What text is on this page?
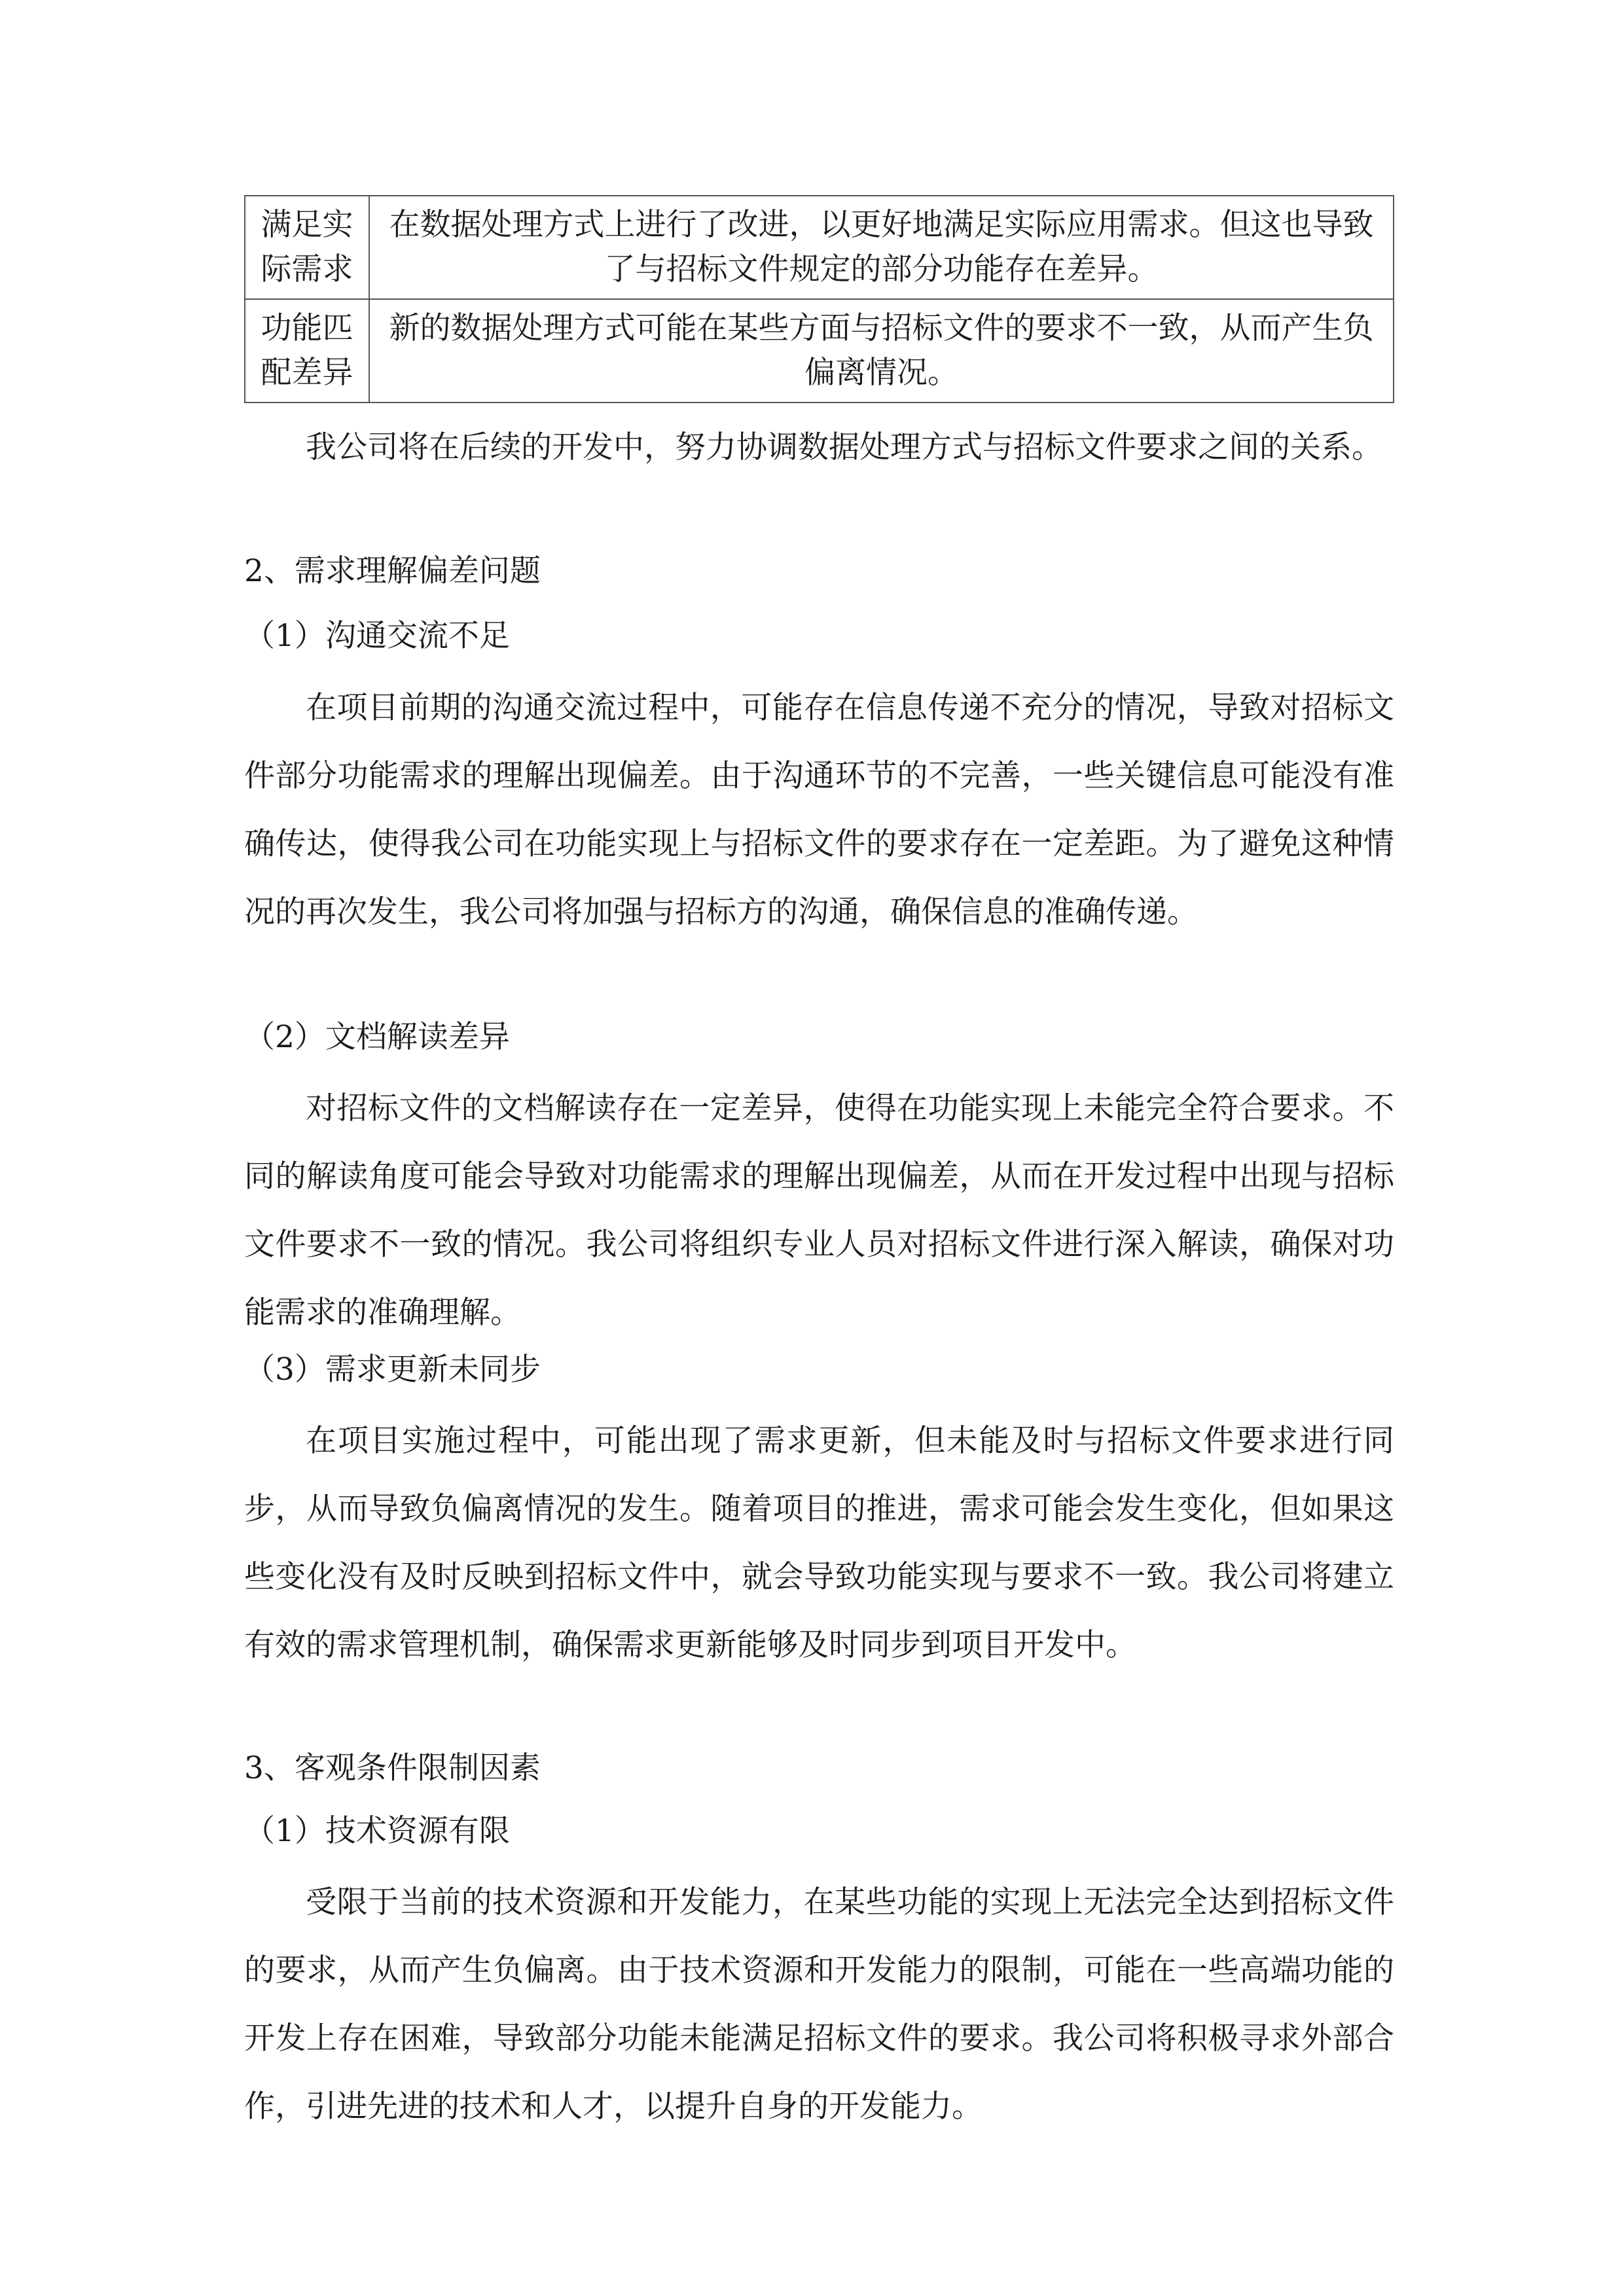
满足实际需求	在数据处理方式上进行了改进，以更好地满足实际应用需求。但这也导致了与招标文件规定的部分功能存在差异。
功能匹配差异	新的数据处理方式可能在某些方面与招标文件的要求不一致，从而产生负偏离情况。

我公司将在后续的开发中，努力协调数据处理方式与招标文件要求之间的关系。

2、需求理解偏差问题
（1）沟通交流不足

在项目前期的沟通交流过程中，可能存在信息传递不充分的情况，导致对招标文件部分功能需求的理解出现偏差。由于沟通环节的不完善，一些关键信息可能没有准确传达，使得我公司在功能实现上与招标文件的要求存在一定差距。为了避免这种情况的再次发生，我公司将加强与招标方的沟通，确保信息的准确传递。

（2）文档解读差异

对招标文件的文档解读存在一定差异，使得在功能实现上未能完全符合要求。不同的解读角度可能会导致对功能需求的理解出现偏差，从而在开发过程中出现与招标文件要求不一致的情况。我公司将组织专业人员对招标文件进行深入解读，确保对功能需求的准确理解。

（3）需求更新未同步

在项目实施过程中，可能出现了需求更新，但未能及时与招标文件要求进行同步，从而导致负偏离情况的发生。随着项目的推进，需求可能会发生变化，但如果这些变化没有及时反映到招标文件中，就会导致功能实现与要求不一致。我公司将建立有效的需求管理机制，确保需求更新能够及时同步到项目开发中。

3、客观条件限制因素
（1）技术资源有限

受限于当前的技术资源和开发能力，在某些功能的实现上无法完全达到招标文件的要求，从而产生负偏离。由于技术资源和开发能力的限制，可能在一些高端功能的开发上存在困难，导致部分功能未能满足招标文件的要求。我公司将积极寻求外部合作，引进先进的技术和人才，以提升自身的开发能力。
